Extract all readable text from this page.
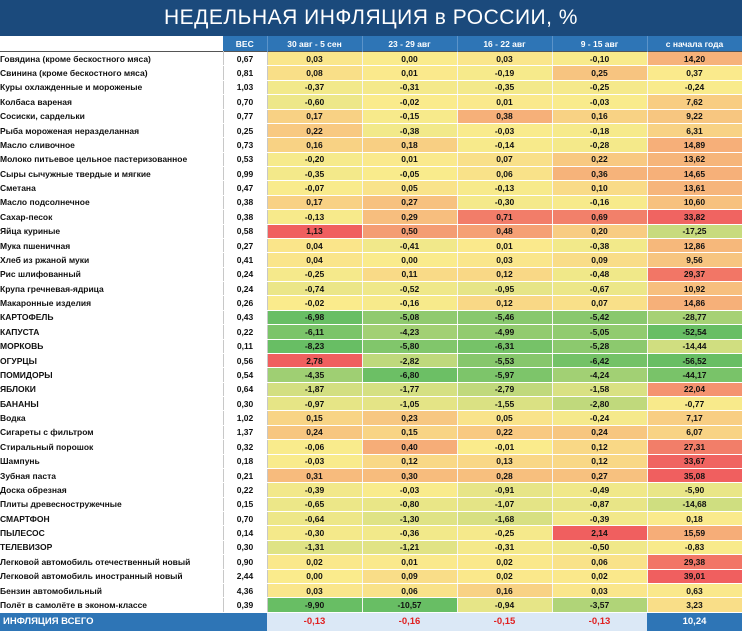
НЕДЕЛЬНАЯ ИНФЛЯЦИЯ в РОССИИ, %
	ВЕС	30 авг - 5 сен	23 - 29 авг	16 - 22 авг	9 - 15 авг	с начала года
Говядина (кроме бескостного мяса)	0,67	0,03	0,00	0,03	-0,10	14,20
Свинина (кроме бескостного мяса)	0,81	0,08	0,01	-0,19	0,25	0,37
Куры охлажденные и мороженые	1,03	-0,37	-0,31	-0,35	-0,25	-0,24
Колбаса вареная	0,70	-0,60	-0,02	0,01	-0,03	7,62
Сосиски, сардельки	0,77	0,17	-0,15	0,38	0,16	9,22
Рыба мороженая неразделанная	0,25	0,22	-0,38	-0,03	-0,18	6,31
Масло сливочное	0,73	0,16	0,18	-0,14	-0,28	14,89
Молоко питьевое цельное пастеризованное	0,53	-0,20	0,01	0,07	0,22	13,62
Сыры сычужные твердые и мягкие	0,99	-0,35	-0,05	0,06	0,36	14,65
Сметана	0,47	-0,07	0,05	-0,13	0,10	13,61
Масло подсолнечное	0,38	0,17	0,27	-0,30	-0,16	10,60
Сахар-песок	0,38	-0,13	0,29	0,71	0,69	33,82
Яйца куриные	0,58	1,13	0,50	0,48	0,20	-17,25
Мука пшеничная	0,27	0,04	-0,41	0,01	-0,38	12,86
Хлеб из ржаной муки	0,41	0,04	0,00	0,03	0,09	9,56
Рис шлифованный	0,24	-0,25	0,11	0,12	-0,48	29,37
Крупа гречневая-ядрица	0,24	-0,74	-0,52	-0,95	-0,67	10,92
Макаронные изделия	0,26	-0,02	-0,16	0,12	0,07	14,86
КАРТОФЕЛЬ	0,43	-6,98	-5,08	-5,46	-5,42	-28,77
КАПУСТА	0,22	-6,11	-4,23	-4,99	-5,05	-52,54
МОРКОВЬ	0,11	-8,23	-5,80	-6,31	-5,28	-14,44
ОГУРЦЫ	0,56	2,78	-2,82	-5,53	-6,42	-56,52
ПОМИДОРЫ	0,54	-4,35	-6,80	-5,97	-4,24	-44,17
ЯБЛОКИ	0,64	-1,87	-1,77	-2,79	-1,58	22,04
БАНАНЫ	0,30	-0,97	-1,05	-1,55	-2,80	-0,77
Водка	1,02	0,15	0,23	0,05	-0,24	7,17
Сигареты с фильтром	1,37	0,24	0,15	0,22	0,24	6,07
Стиральный порошок	0,32	-0,06	0,40	-0,01	0,12	27,31
Шампунь	0,18	-0,03	0,12	0,13	0,12	33,67
Зубная паста	0,21	0,31	0,30	0,28	0,27	35,08
Доска обрезная	0,22	-0,39	-0,03	-0,91	-0,49	-5,90
Плиты древесностружечные	0,15	-0,65	-0,80	-1,07	-0,87	-14,68
СМАРТФОН	0,70	-0,64	-1,30	-1,68	-0,39	0,18
ПЫЛЕСОС	0,14	-0,30	-0,36	-0,25	2,14	15,59
ТЕЛЕВИЗОР	0,30	-1,31	-1,21	-0,31	-0,50	-0,83
Легковой автомобиль отечественный новый	0,90	0,02	0,01	0,02	0,06	29,38
Легковой автомобиль иностранный новый	2,44	0,00	0,09	0,02	0,02	39,01
Бензин автомобильный	4,36	0,03	0,06	0,16	0,03	0,63
Полёт в самолёте в эконом-классе	0,39	-9,90	-10,57	-0,94	-3,57	3,23
ИНФЛЯЦИЯ ВСЕГО		-0,13	-0,16	-0,15	-0,13	10,24
